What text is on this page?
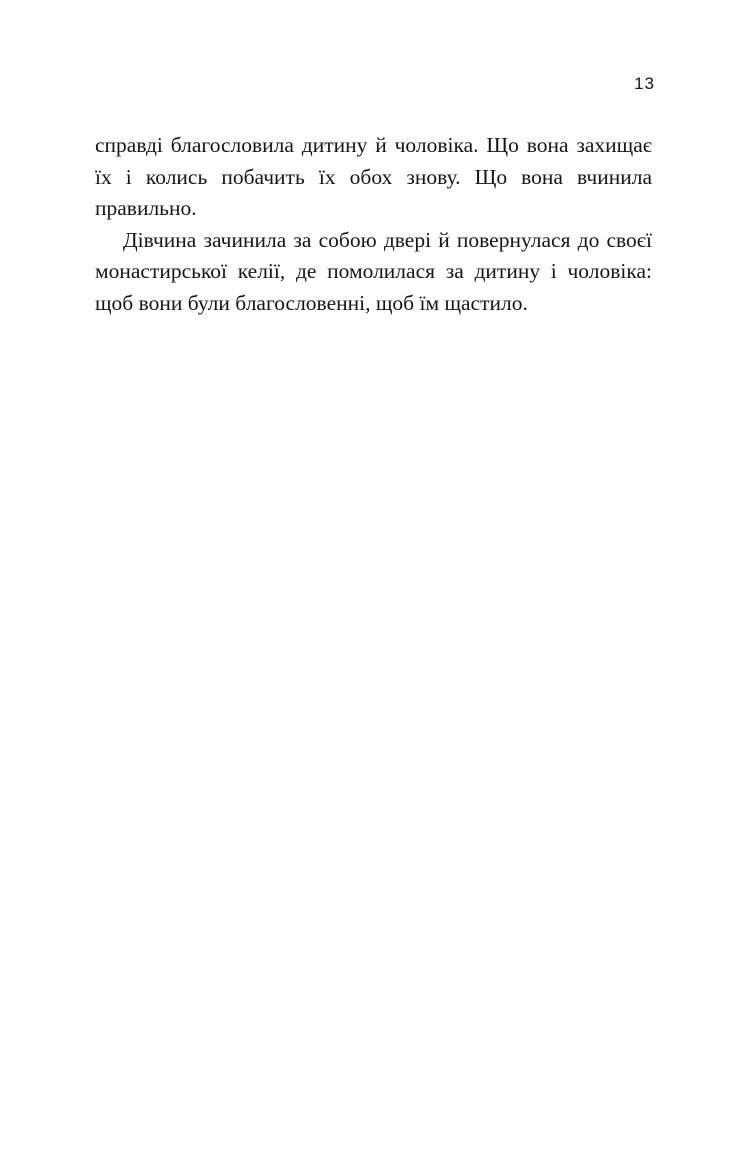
13

справді благословила дитину й чоловіка. Що вона захищає їх і колись побачить їх обох знову. Що вона вчинила правильно.

Дівчина зачинила за собою двері й повернулася до своєї монастирської келії, де помолилася за дитину і чоловіка: щоб вони були благословенні, щоб їм щастило.
